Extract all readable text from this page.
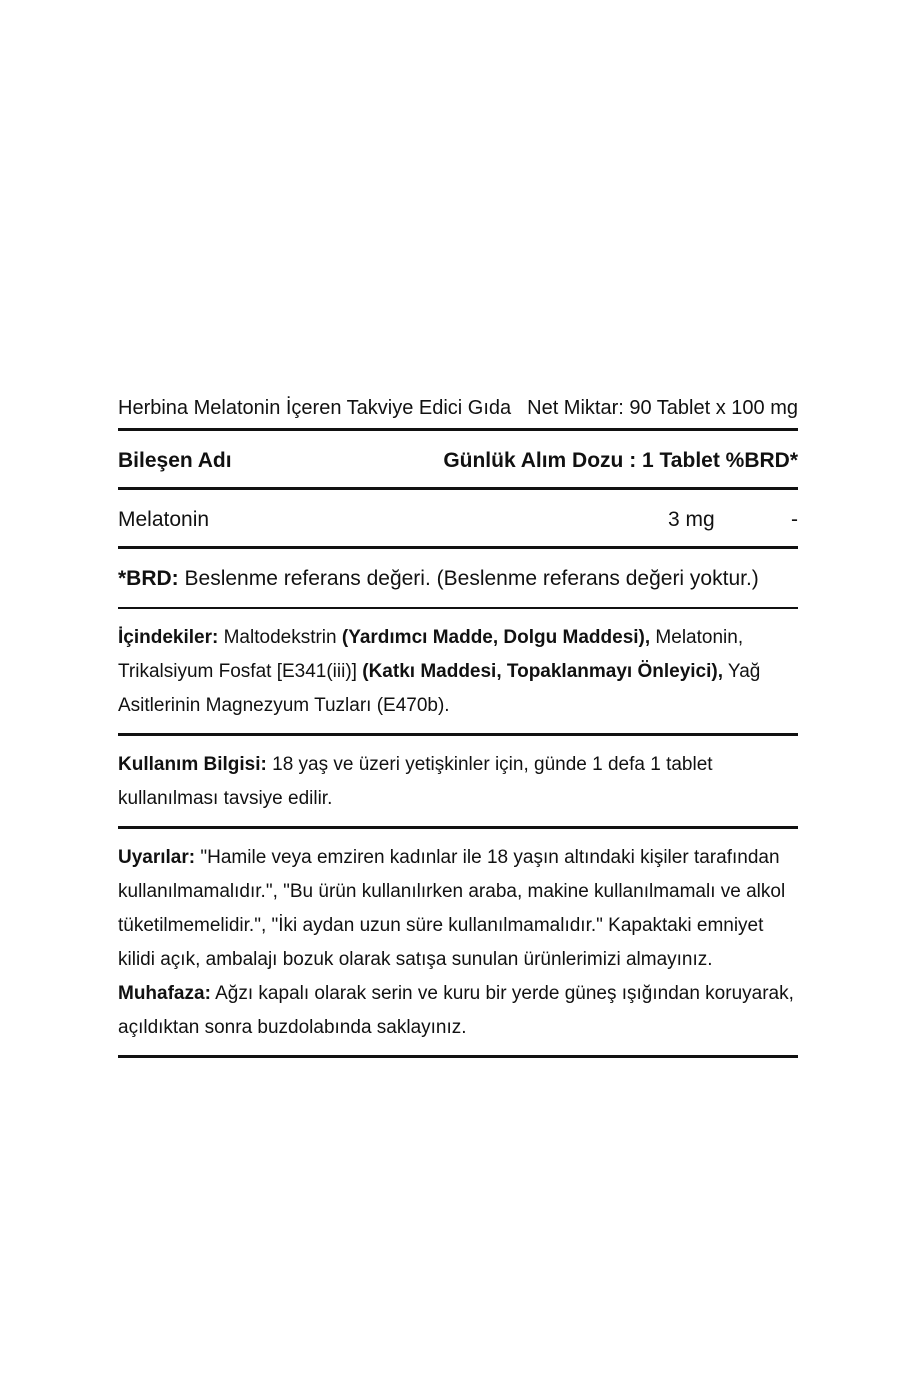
Herbina Melatonin İçeren Takviye Edici Gıda Net Miktar: 90 Tablet x 100 mg
Bileşen Adı	Günlük Alım Dozu : 1 Tablet %BRD*
Melatonin	3 mg	-
*BRD: Beslenme referans değeri. (Beslenme referans değeri yoktur.)
İçindekiler: Maltodekstrin (Yardımcı Madde, Dolgu Maddesi), Melatonin, Trikalsiyum Fosfat [E341(iii)] (Katkı Maddesi, Topaklanmayı Önleyici), Yağ Asitlerinin Magnezyum Tuzları (E470b).
Kullanım Bilgisi: 18 yaş ve üzeri yetişkinler için, günde 1 defa 1 tablet kullanılması tavsiye edilir.
Uyarılar: "Hamile veya emziren kadınlar ile 18 yaşın altındaki kişiler tarafından kullanılmamalıdır.", "Bu ürün kullanılırken araba, makine kullanılmamalı ve alkol tüketilmemelidir.", "İki aydan uzun süre kullanılmamalıdır." Kapaktaki emniyet kilidi açık, ambalajı bozuk olarak satışa sunulan ürünlerimizi almayınız. Muhafaza: Ağzı kapalı olarak serin ve kuru bir yerde güneş ışığından koruyarak, açıldıktan sonra buzdolabında saklayınız.
